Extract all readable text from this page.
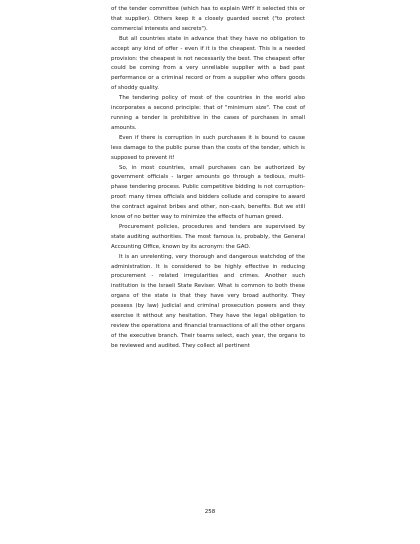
of the tender committee (which has to explain WHY it selected this or that supplier). Others keep it a closely guarded secret ("to protect commercial interests and secrets").

But all countries state in advance that they have no obligation to accept any kind of offer - even if it is the cheapest. This is a needed provision: the cheapest is not necessarily the best. The cheapest offer could be coming from a very unreliable supplier with a bad past performance or a criminal record or from a supplier who offers goods of shoddy quality.

The tendering policy of most of the countries in the world also incorporates a second principle: that of "minimum size". The cost of running a tender is prohibitive in the cases of purchases in small amounts.

Even if there is corruption in such purchases it is bound to cause less damage to the public purse than the costs of the tender, which is supposed to prevent it!

So, in most countries, small purchases can be authorized by government officials - larger amounts go through a tedious, multi-phase tendering process. Public competitive bidding is not corruption-proof: many times officials and bidders collude and conspire to award the contract against bribes and other, non-cash, benefits. But we still know of no better way to minimize the effects of human greed.

Procurement policies, procedures and tenders are supervised by state auditing authorities. The most famous is, probably, the General Accounting Office, known by its acronym: the GAO.

It is an unrelenting, very thorough and dangerous watchdog of the administration. It is considered to be highly effective in reducing procurement - related irregularities and crimes. Another such institution is the Israeli State Reviser. What is common to both these organs of the state is that they have very broad authority. They possess (by law) judicial and criminal prosecution powers and they exercise it without any hesitation. They have the legal obligation to review the operations and financial transactions of all the other organs of the executive branch. Their teams select, each year, the organs to be reviewed and audited. They collect all pertinent

258
